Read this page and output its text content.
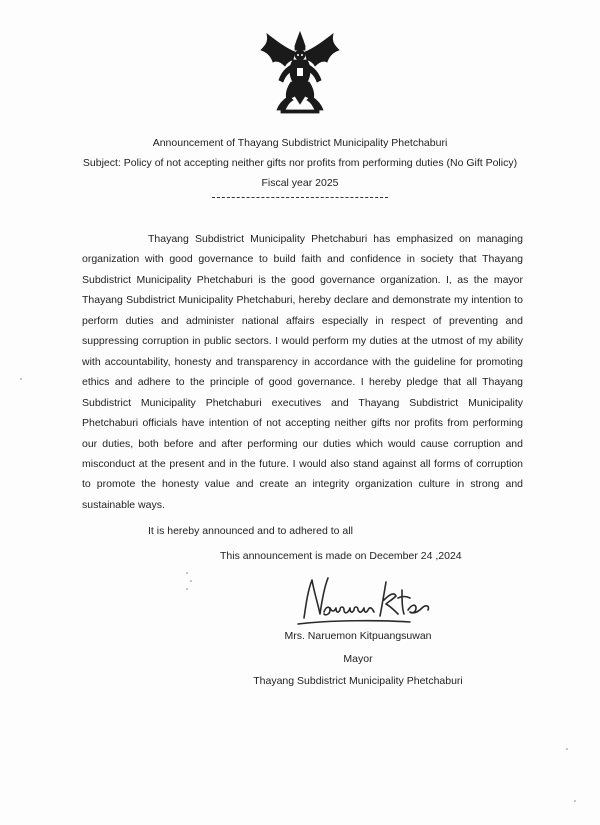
Announcement of Thayang Subdistrict Municipality Phetchaburi
Subject: Policy of not accepting neither gifts nor profits from performing duties (No Gift Policy)
Fiscal year 2025

Thayang Subdistrict Municipality Phetchaburi has emphasized on managing organization with good governance to build faith and confidence in society that Thayang Subdistrict Municipality Phetchaburi is the good governance organization. I, as the mayor Thayang Subdistrict Municipality Phetchaburi, hereby declare and demonstrate my intention to perform duties and administer national affairs especially in respect of preventing and suppressing corruption in public sectors. I would perform my duties at the utmost of my ability with accountability, honesty and transparency in accordance with the guideline for promoting ethics and adhere to the principle of good governance. I hereby pledge that all Thayang Subdistrict Municipality Phetchaburi executives and Thayang Subdistrict Municipality Phetchaburi officials have intention of not accepting neither gifts nor profits from performing our duties, both before and after performing our duties which would cause corruption and misconduct at the present and in the future. I would also stand against all forms of corruption to promote the honesty value and create an integrity organization culture in strong and sustainable ways.

It is hereby announced and to adhered to all
This announcement is made on December 24 ,2024
Mrs. Naruemon Kitpuangsuwan
Mayor
Thayang Subdistrict Municipality Phetchaburi
